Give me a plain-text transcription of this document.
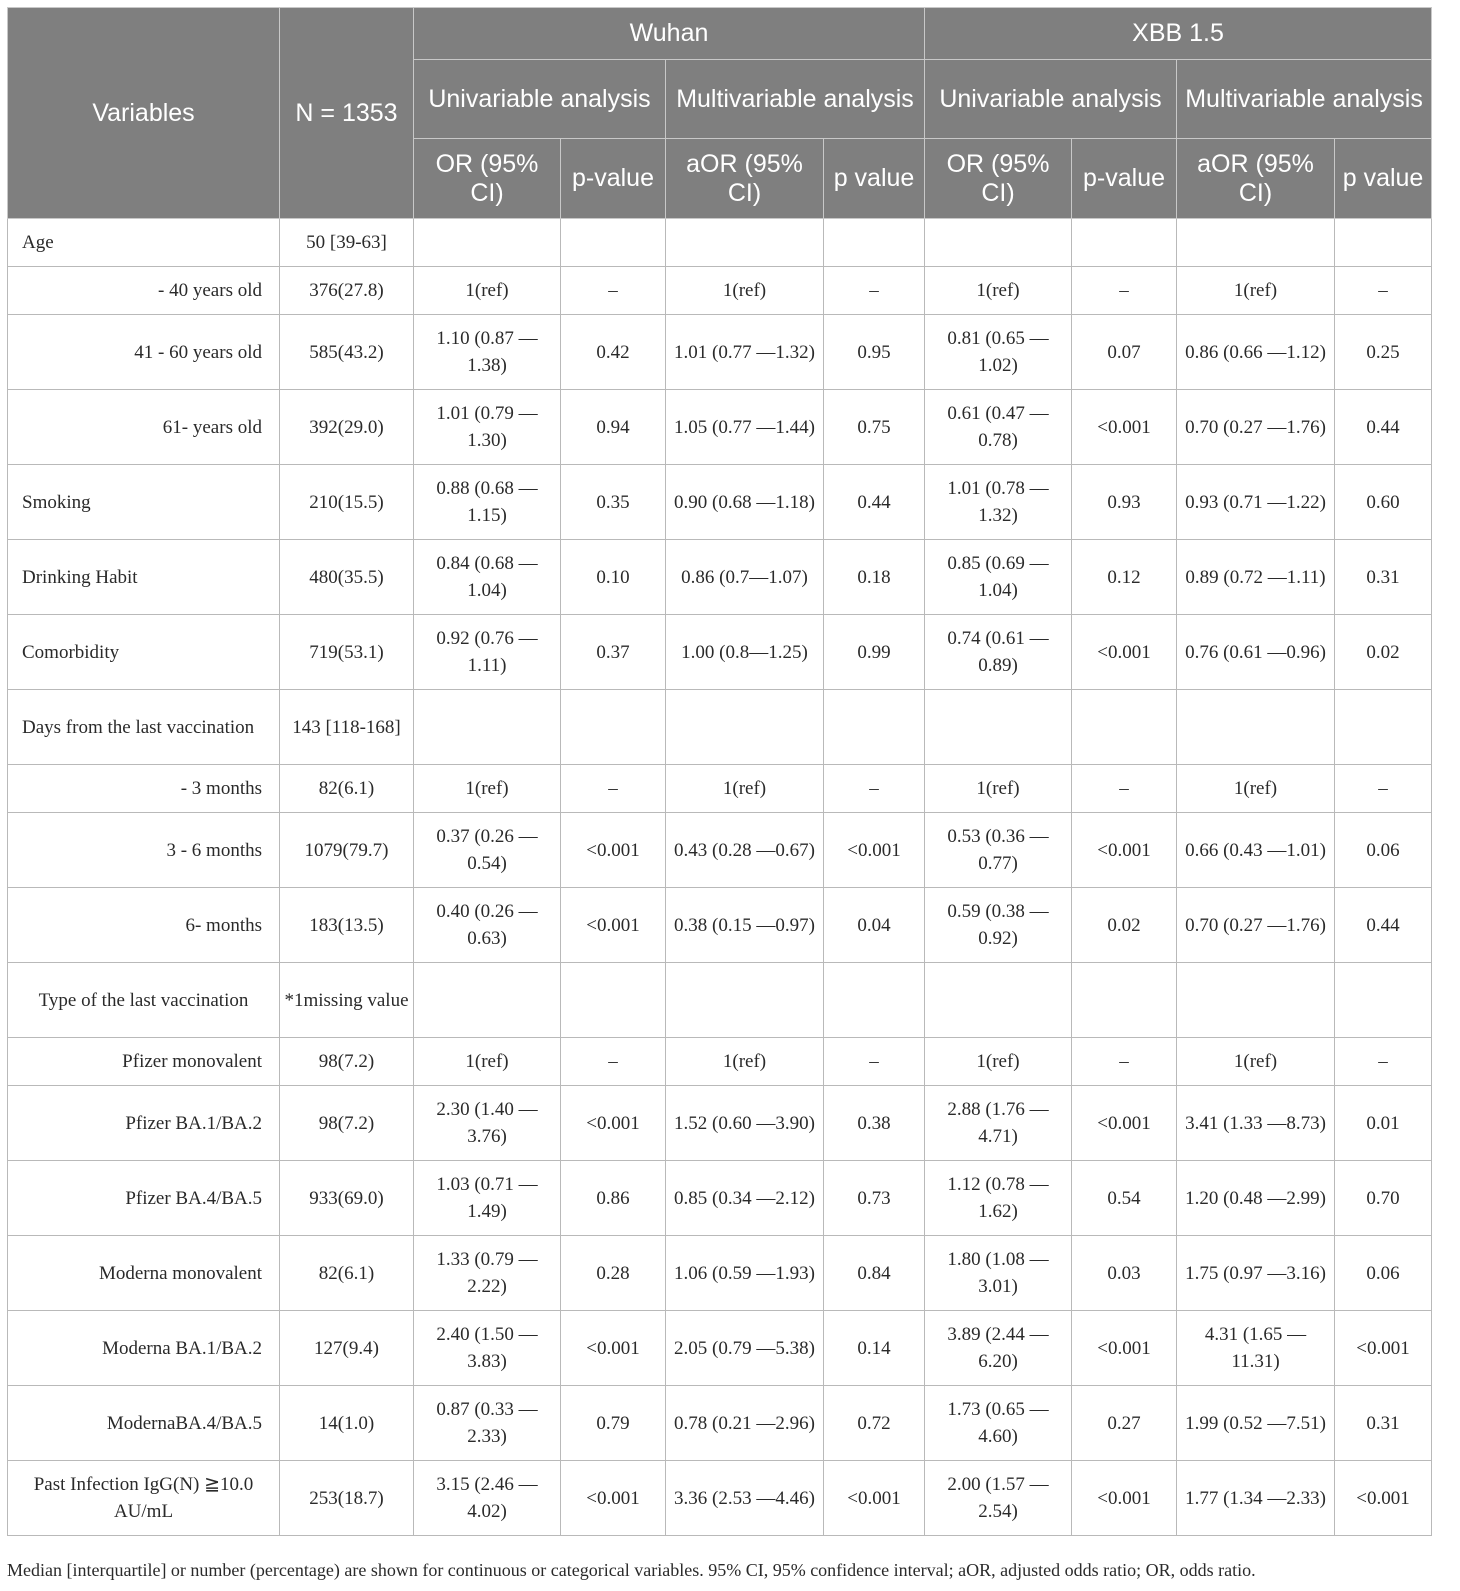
Variables	N = 1353	Wuhan				XBB 1.5			
		Univariable analysis		Multivariable analysis		Univariable analysis		Multivariable analysis	
		OR (95% CI)	p-value	aOR (95% CI)	p value	OR (95% CI)	p-value	aOR (95% CI)	p value
Age	50 [39-63]								
- 40 years old	376(27.8)	1(ref)	–	1(ref)	–	1(ref)	–	1(ref)	–
41 - 60 years old	585(43.2)	1.10 (0.87 —1.38)	0.42	1.01 (0.77 —1.32)	0.95	0.81 (0.65 —1.02)	0.07	0.86 (0.66 —1.12)	0.25
61- years old	392(29.0)	1.01 (0.79 —1.30)	0.94	1.05 (0.77 —1.44)	0.75	0.61 (0.47 —0.78)	<0.001	0.70 (0.27 —1.76)	0.44
Smoking	210(15.5)	0.88 (0.68 —1.15)	0.35	0.90 (0.68 —1.18)	0.44	1.01 (0.78 —1.32)	0.93	0.93 (0.71 —1.22)	0.60
Drinking Habit	480(35.5)	0.84 (0.68 —1.04)	0.10	0.86 (0.7—1.07)	0.18	0.85 (0.69 —1.04)	0.12	0.89 (0.72 —1.11)	0.31
Comorbidity	719(53.1)	0.92 (0.76 —1.11)	0.37	1.00 (0.8—1.25)	0.99	0.74 (0.61 —0.89)	<0.001	0.76 (0.61 —0.96)	0.02
Days from the last vaccination	143 [118-168]								
- 3 months	82(6.1)	1(ref)	–	1(ref)	–	1(ref)	–	1(ref)	–
3 - 6 months	1079(79.7)	0.37 (0.26 —0.54)	<0.001	0.43 (0.28 —0.67)	<0.001	0.53 (0.36 —0.77)	<0.001	0.66 (0.43 —1.01)	0.06
6- months	183(13.5)	0.40 (0.26 —0.63)	<0.001	0.38 (0.15 —0.97)	0.04	0.59 (0.38 —0.92)	0.02	0.70 (0.27 —1.76)	0.44
Type of the last vaccination	*1missing value								
Pfizer monovalent	98(7.2)	1(ref)	–	1(ref)	–	1(ref)	–	1(ref)	–
Pfizer BA.1/BA.2	98(7.2)	2.30 (1.40 —3.76)	<0.001	1.52 (0.60 —3.90)	0.38	2.88 (1.76 —4.71)	<0.001	3.41 (1.33 —8.73)	0.01
Pfizer BA.4/BA.5	933(69.0)	1.03 (0.71 —1.49)	0.86	0.85 (0.34 —2.12)	0.73	1.12 (0.78 —1.62)	0.54	1.20 (0.48 —2.99)	0.70
Moderna monovalent	82(6.1)	1.33 (0.79 —2.22)	0.28	1.06 (0.59 —1.93)	0.84	1.80 (1.08 —3.01)	0.03	1.75 (0.97 —3.16)	0.06
Moderna BA.1/BA.2	127(9.4)	2.40 (1.50 —3.83)	<0.001	2.05 (0.79 —5.38)	0.14	3.89 (2.44 —6.20)	<0.001	4.31 (1.65 —11.31)	<0.001
ModernaBA.4/BA.5	14(1.0)	0.87 (0.33 —2.33)	0.79	0.78 (0.21 —2.96)	0.72	1.73 (0.65 —4.60)	0.27	1.99 (0.52 —7.51)	0.31
Past Infection IgG(N) ≧10.0 AU/mL	253(18.7)	3.15 (2.46 —4.02)	<0.001	3.36 (2.53 —4.46)	<0.001	2.00 (1.57 —2.54)	<0.001	1.77 (1.34 —2.33)	<0.001
Median [interquartile] or number (percentage) are shown for continuous or categorical variables. 95% CI, 95% confidence interval; aOR, adjusted odds ratio; OR, odds ratio.
